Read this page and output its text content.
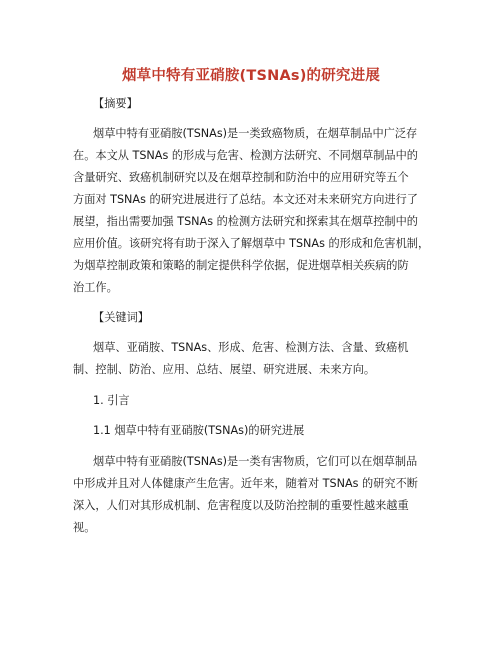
烟草中特有亚硝胺(TSNAs)的研究进展
【摘要】
烟草中特有亚硝胺(TSNAs)是一类致癌物质，在烟草制品中广泛存
在。本文从 TSNAs 的形成与危害、检测方法研究、不同烟草制品中的
含量研究、致癌机制研究以及在烟草控制和防治中的应用研究等五个
方面对 TSNAs 的研究进展进行了总结。本文还对未来研究方向进行了
展望，指出需要加强 TSNAs 的检测方法研究和探索其在烟草控制中的
应用价值。该研究将有助于深入了解烟草中 TSNAs 的形成和危害机制，
为烟草控制政策和策略的制定提供科学依据，促进烟草相关疾病的防
治工作。
【关键词】
烟草、亚硝胺、TSNAs、形成、危害、检测方法、含量、致癌机
制、控制、防治、应用、总结、展望、研究进展、未来方向。
1. 引言
1.1 烟草中特有亚硝胺(TSNAs)的研究进展
烟草中特有亚硝胺(TSNAs)是一类有害物质，它们可以在烟草制品
中形成并且对人体健康产生危害。近年来，随着对 TSNAs 的研究不断
深入，人们对其形成机制、危害程度以及防治控制的重要性越来越重
视。
